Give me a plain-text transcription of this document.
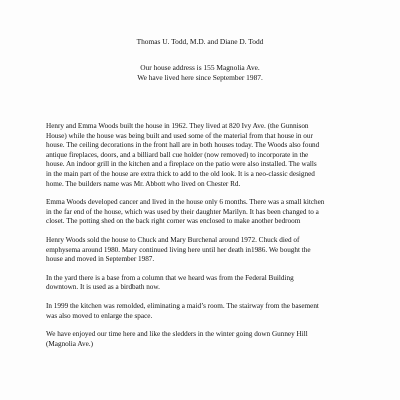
Thomas U. Todd, M.D. and Diane D. Todd
Our house address is 155 Magnolia Ave.
We have lived here since September 1987.
Henry and Emma Woods built the house in 1962. They lived at 820 Ivy Ave. (the Gunnison
House) while the house was being built and used some of the material from that house in our
house. The ceiling decorations in the front hall are in both houses today. The Woods also found
antique fireplaces, doors, and a billiard ball cue holder (now removed) to incorporate in the
house. An indoor grill in the kitchen and a fireplace on the patio were also installed. The walls
in the main part of the house are extra thick to add to the old look. It is a neo-classic designed
home. The builders name was Mr. Abbott who lived on Chester Rd.
Emma Woods developed cancer and lived in the house only 6 months. There was a small kitchen
in the far end of the house, which was used by their daughter Marilyn. It has been changed to a
closet. The potting shed on the back right corner was enclosed to make another bedroom
Henry Woods sold the house to Chuck and Mary Burchenal around 1972. Chuck died of
emphysema around 1980. Mary continued living here until her death in1986. We bought the
house and moved in September 1987.
In the yard there is a base from a column that we heard was from the Federal Building
downtown. It is used as a birdbath now.
In 1999 the kitchen was remolded, eliminating a maid’s room. The stairway from the basement
was also moved to enlarge the space.
We have enjoyed our time here and like the sledders in the winter going down Gunney Hill
(Magnolia Ave.)
